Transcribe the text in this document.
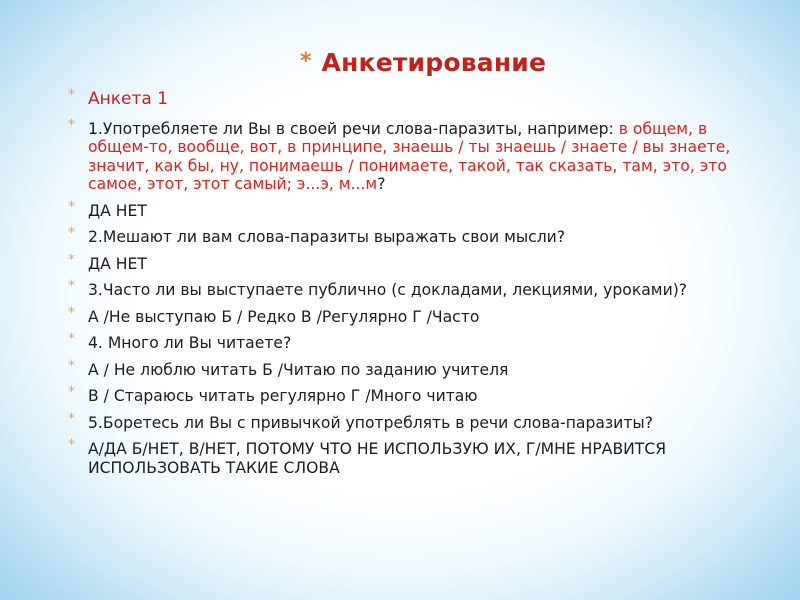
* Анкетирование
* Анкета 1
* 1.Употребляете ли Вы в своей речи слова-паразиты, например: в общем, в общем-то, вообще, вот, в принципе, знаешь / ты знаешь / знаете / вы знаете, значит, как бы, ну, понимаешь / понимаете, такой, так сказать, там, это, это самое, этот, этот самый; э...э, м...м?
* ДА НЕТ
* 2.Мешают ли вам слова-паразиты выражать свои мысли?
* ДА НЕТ
* 3.Часто ли вы выступаете публично (с докладами, лекциями, уроками)?
* А /Не выступаю Б / Редко В /Регулярно Г /Часто
* 4. Много ли Вы читаете?
* А / Не люблю читать Б /Читаю по заданию учителя
* В / Стараюсь читать регулярно Г /Много читаю
* 5.Боретесь ли Вы с привычкой употреблять в речи слова-паразиты?
* А/ДА Б/НЕТ, В/НЕТ, ПОТОМУ ЧТО НЕ ИСПОЛЬЗУЮ ИХ, Г/МНЕ НРАВИТСЯ ИСПОЛЬЗОВАТЬ ТАКИЕ СЛОВА
